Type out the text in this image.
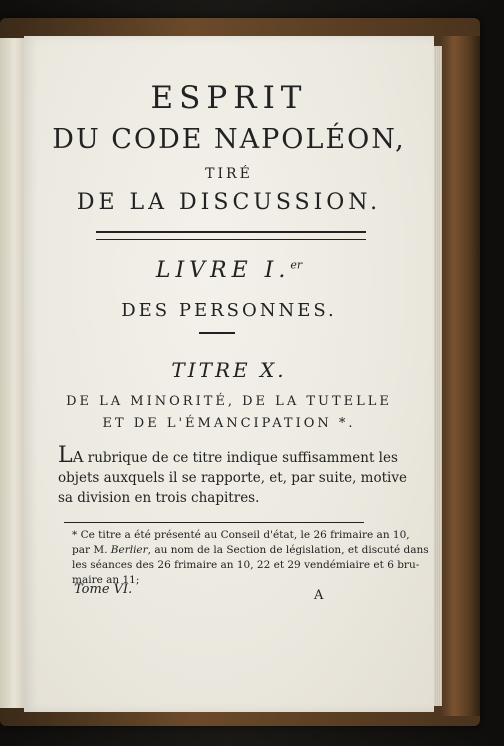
ESPRIT
DU CODE NAPOLÉON,
TIRÉ
DE LA DISCUSSION.
LIVRE I.$^{er}$
DES PERSONNES.
TITRE X.
DE LA MINORITÉ, DE LA TUTELLE
ET DE L'ÉMANCIPATION *.

La rubrique de ce titre indique suffisamment les

objets auxquels il se rapporte, et, par suite, motive

sa division en trois chapitres.

* Ce titre a été présenté au Conseil d'état, le 26 frimaire an 10,

par M. Berlier, au nom de la Section de législation, et discuté dans

les séances des 26 frimaire an 10, 22 et 29 vendémiaire et 6 bru-

maire an 11;

Tome VI.	A
